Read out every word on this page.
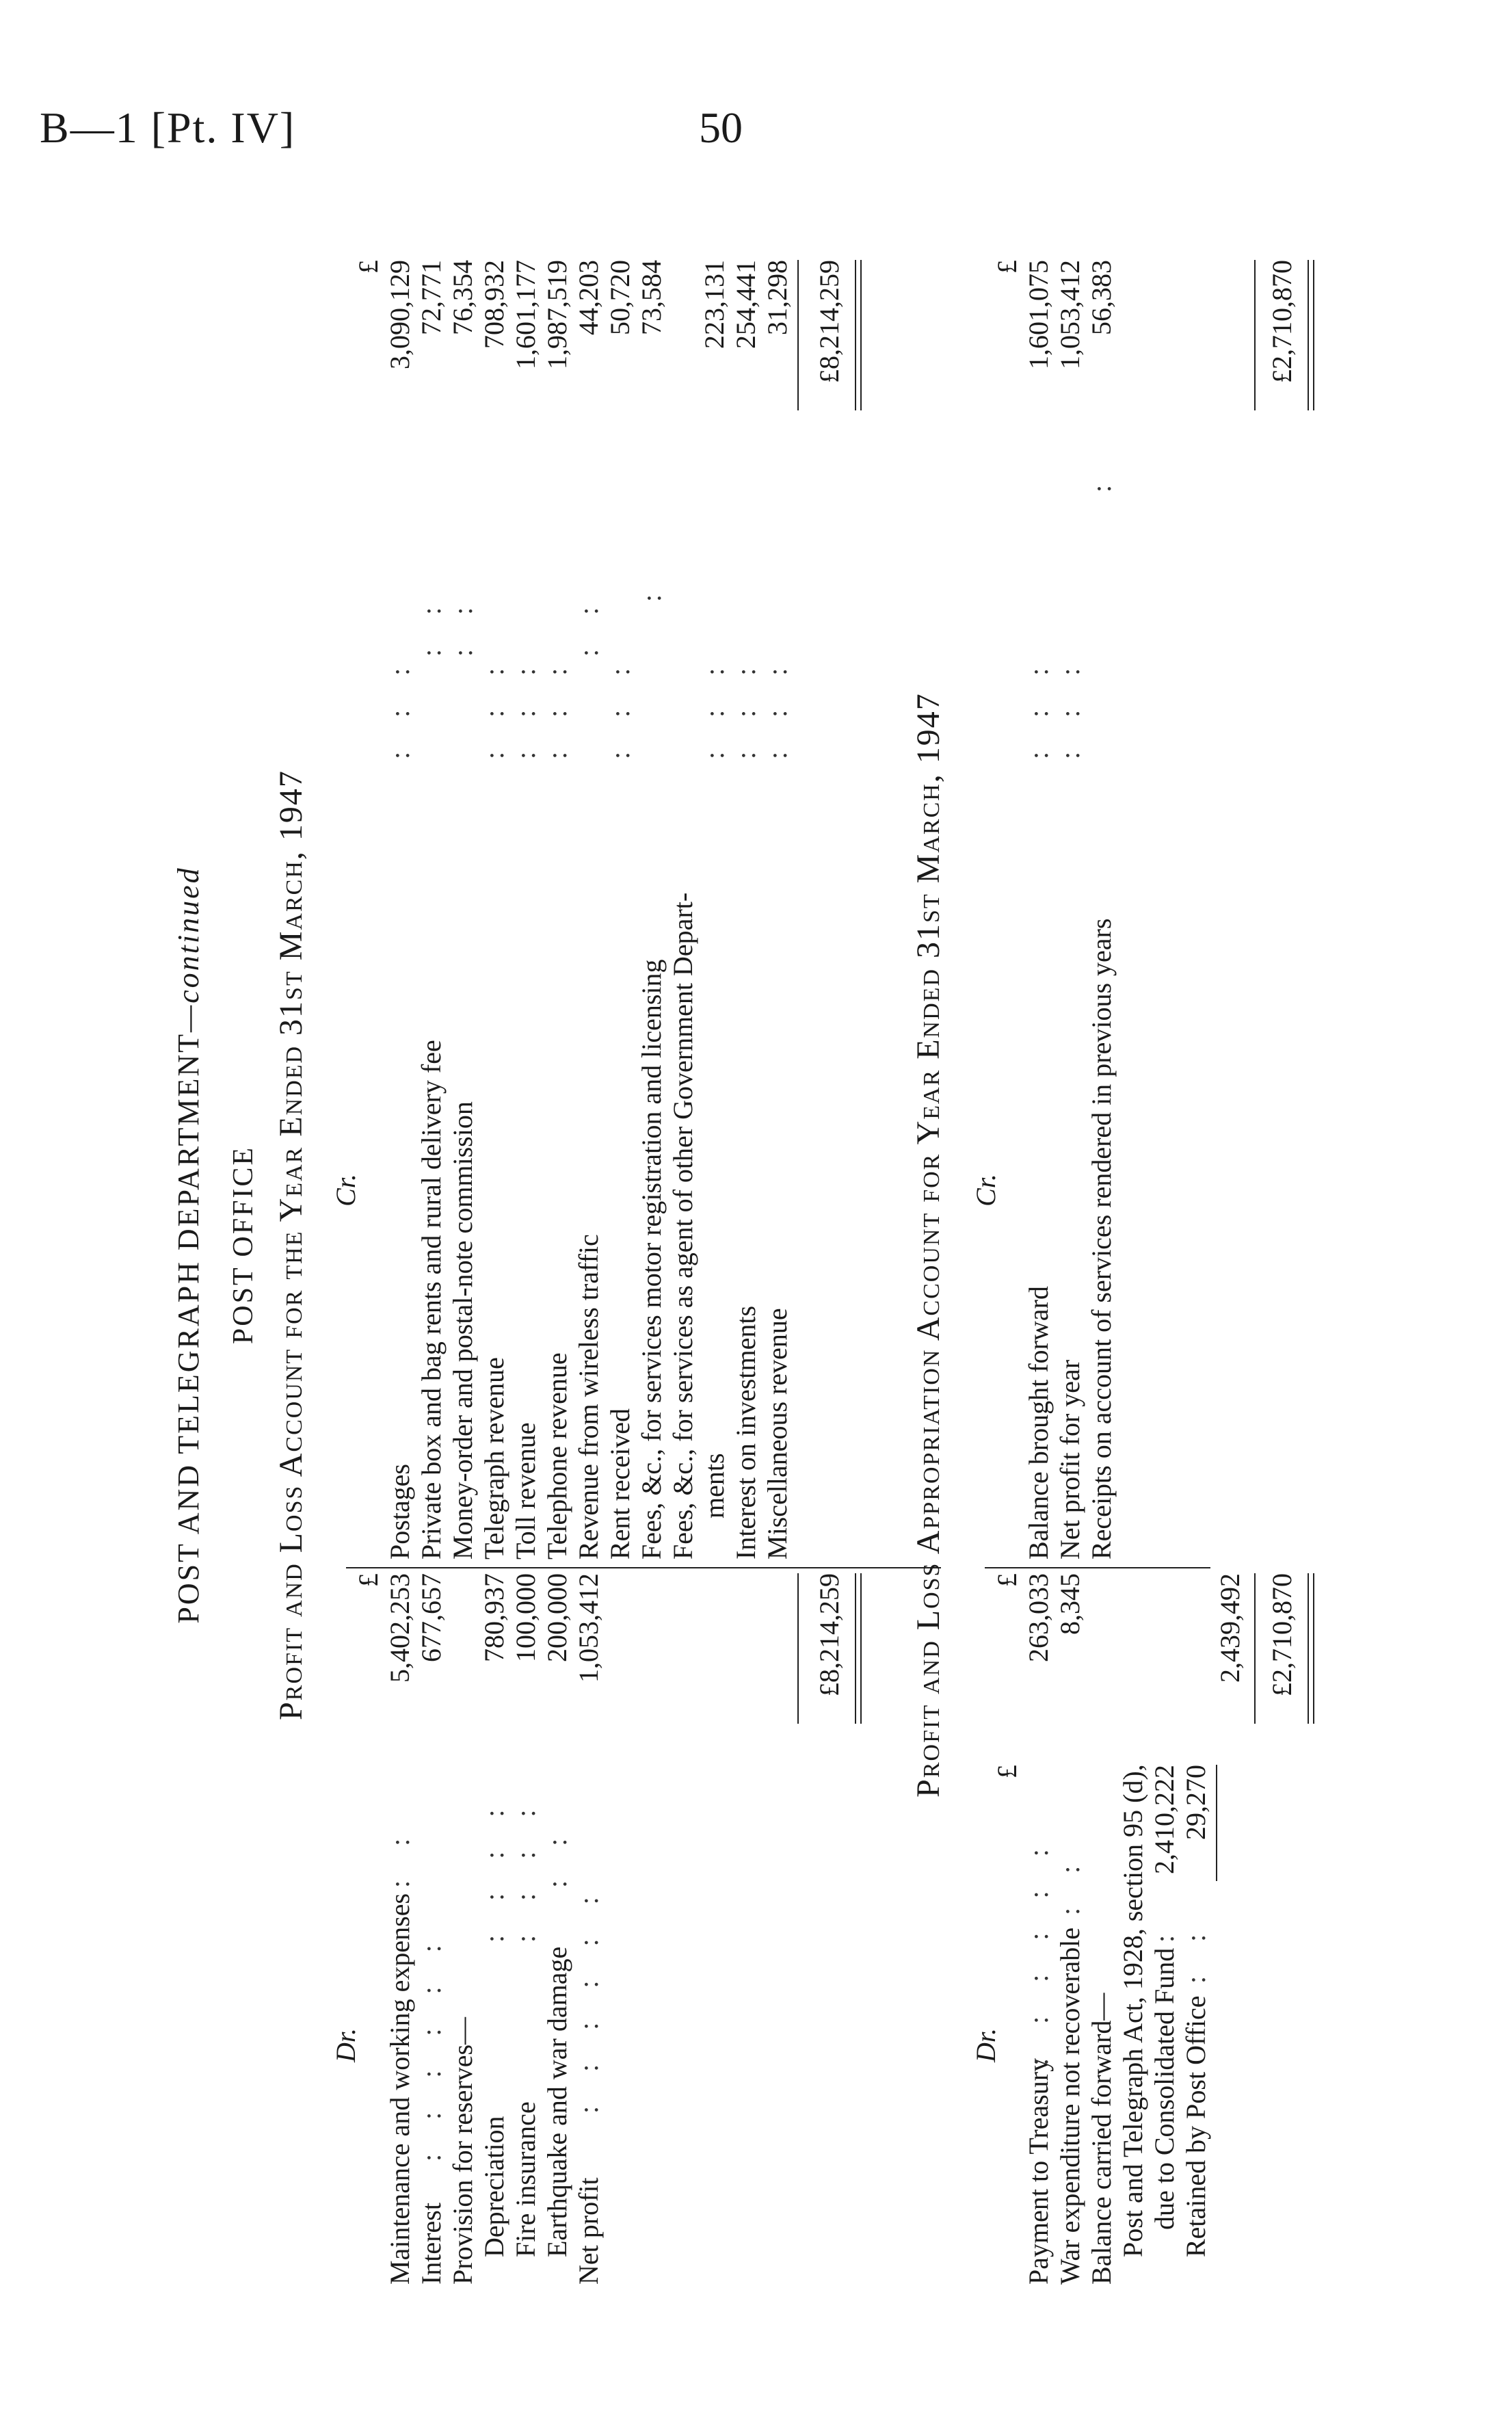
B—1 [Pt. IV]	50
POST AND TELEGRAPH DEPARTMENT—continued
POST OFFICE Profit and Loss Account for the Year Ended 31st March, 1947
Dr.
Cr.
£
£
Maintenance and working expenses
: :
5,402,253
Interest
: : : : : :
677,657
Provision for reserves— Depreciation
: : : :
780,937
Fire insurance
: : : :
100,000
Earthquake and war damage
: :
200,000
Net profit
: : : : : :
1,053,412
Postages
: : :
3,090,129
Private box and bag rents and rural delivery fee
: :
72,771
Money-order and postal-note commission
: :
76,354
Telegraph revenue
: : :
708,932
Toll revenue
: : :
1,601,177
Telephone revenue
: : :
1,987,519
Revenue from wireless traffic
: :
44,203
Rent received
: : :
50,720
Fees, &c., for services motor registration and licensing
:
73,584
Fees, &c., for services as agent of other Government Depart- ments
: : :
223,131
Interest on investments
: : :
254,441
Miscellaneous revenue
: : :
31,298
£8,214,259
£8,214,259
Profit and Loss Appropriation Account for Year Ended 31st March, 1947
Dr.
Cr.
£
£
£
Payment to Treasury
: : : : : :
263,033
War expenditure not recoverable
: :
8,345
Balance carried forward— Post and Telegraph Act, 1928, section 95 (d), due to Consolidated Fund
:
2,410,222
Retained by Post Office
: :
29,270
2,439,492
Balance brought forward
: : :
1,601,075
Net profit for year
: : :
1,053,412
Receipts on account of services rendered in previous years
:
56,383
£2,710,870
£2,710,870
